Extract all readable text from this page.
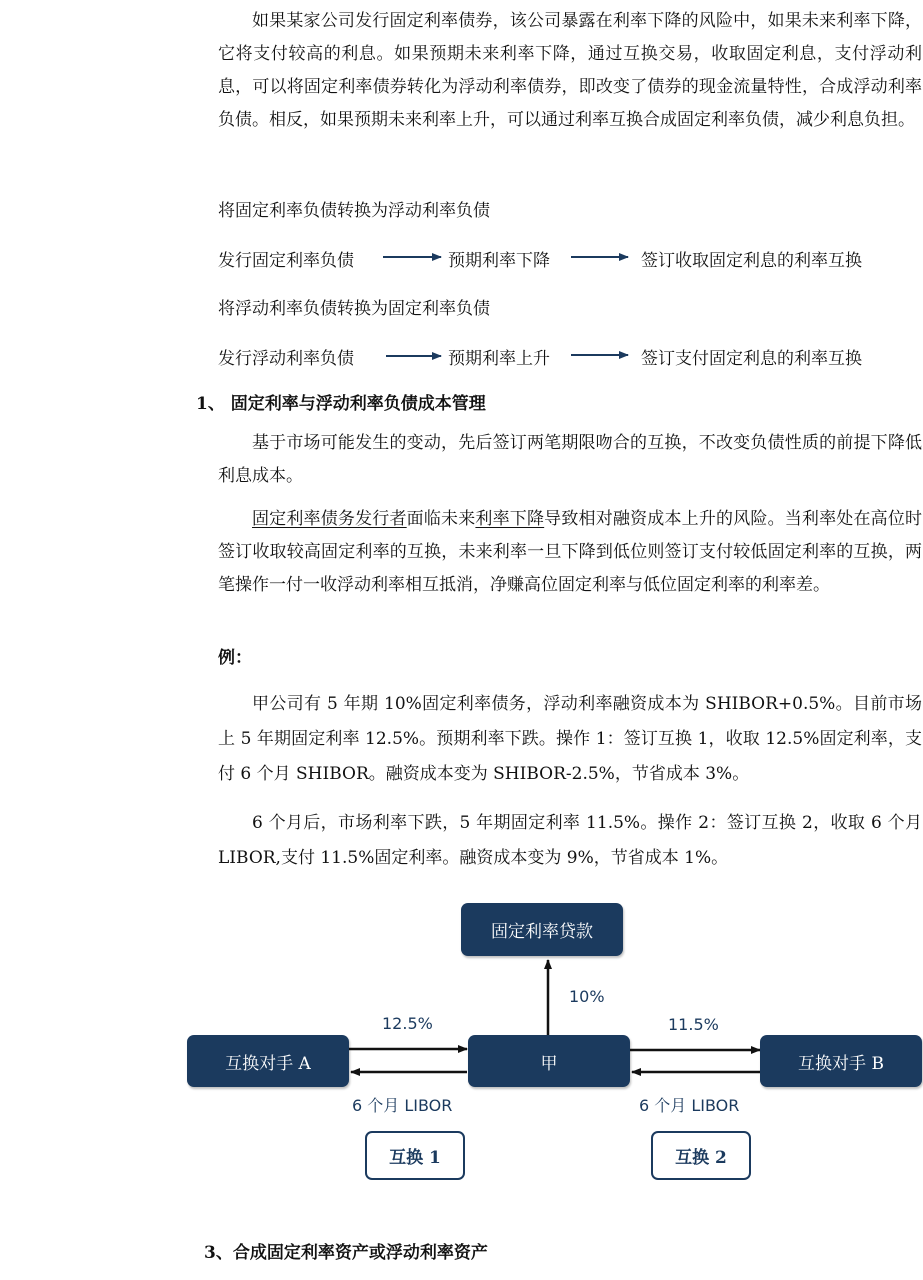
如果某家公司发行固定利率债券，该公司暴露在利率下降的风险中，如果未来利率下降，它将支付较高的利息。如果预期未来利率下降，通过互换交易，收取固定利息，支付浮动利息，可以将固定利率债券转化为浮动利率债券，即改变了债券的现金流量特性，合成浮动利率负债。相反，如果预期未来利率上升，可以通过利率互换合成固定利率负债，减少利息负担。

将固定利率负债转换为浮动利率负债
发行固定利率负债	预期利率下降	签订收取固定利息的利率互换
将浮动利率负债转换为固定利率负债
发行浮动利率负债	预期利率上升	签订支付固定利息的利率互换
1、 固定利率与浮动利率负债成本管理

基于市场可能发生的变动，先后签订两笔期限吻合的互换，不改变负债性质的前提下降低利息成本。

固定利率债务发行者面临未来利率下降导致相对融资成本上升的风险。当利率处在高位时签订收取较高固定利率的互换，未来利率一旦下降到低位则签订支付较低固定利率的互换，两笔操作一付一收浮动利率相互抵消，净赚高位固定利率与低位固定利率的利率差。

例：

甲公司有 5 年期 10%固定利率债务，浮动利率融资成本为 SHIBOR+0.5%。目前市场上 5 年期固定利率 12.5%。预期利率下跌。操作 1：签订互换 1，收取 12.5%固定利率，支付 6 个月 SHIBOR。融资成本变为 SHIBOR-2.5%，节省成本 3%。

6 个月后，市场利率下跌，5 年期固定利率 11.5%。操作 2：签订互换 2，收取 6 个月 LIBOR,支付 11.5%固定利率。融资成本变为 9%，节省成本 1%。

固定利率贷款
互换对手 A	甲	互换对手 B
10%
12.5%	11.5%
6 个月 LIBOR	6 个月 LIBOR
互换 1	互换 2
3、合成固定利率资产或浮动利率资产
